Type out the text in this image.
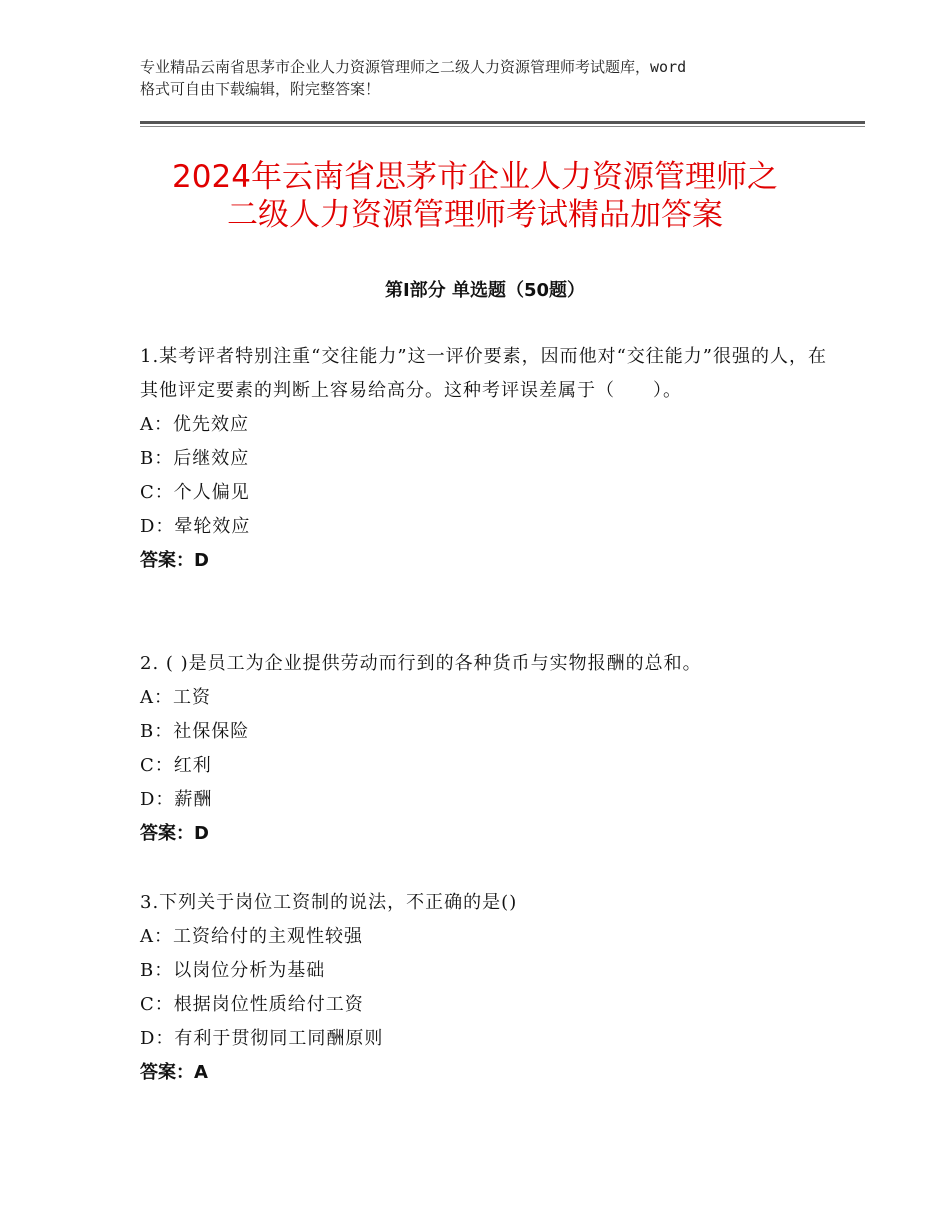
专业精品云南省思茅市企业人力资源管理师之二级人力资源管理师考试题库，word
格式可自由下载编辑，附完整答案！
2024年云南省思茅市企业人力资源管理师之
二级人力资源管理师考试精品加答案
第Ⅰ部分 单选题（50题）
1.某考评者特别注重“交往能力”这一评价要素，因而他对“交往能力”很强的人，在其他评定要素的判断上容易给高分。这种考评误差属于（　　）。
A：优先效应
B：后继效应
C：个人偏见
D：晕轮效应
答案：D
2. ( )是员工为企业提供劳动而行到的各种货币与实物报酬的总和。
A：工资
B：社保保险
C：红利
D：薪酬
答案：D
3.下列关于岗位工资制的说法，不正确的是()
A：工资给付的主观性较强
B：以岗位分析为基础
C：根据岗位性质给付工资
D：有利于贯彻同工同酬原则
答案：A
